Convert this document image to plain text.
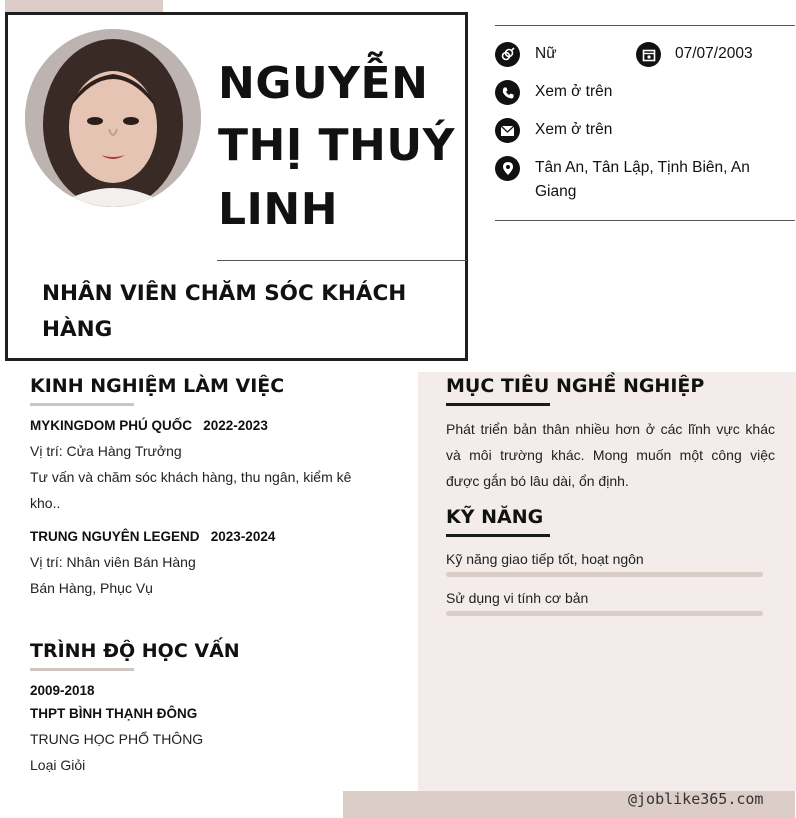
NGUYỄN
THỊ THUÝ
LINH
NHÂN VIÊN CHĂM SÓC KHÁCH HÀNG
Nữ	07/07/2003
Xem ở trên
Xem ở trên
Tân An, Tân Lập, Tịnh Biên, An Giang
KINH NGHIỆM LÀM VIỆC
MYKINGDOM PHÚ QUỐC 2022-2023
Vị trí: Cửa Hàng Trưởng
Tư vấn và chăm sóc khách hàng, thu ngân, kiểm kê
kho..
TRUNG NGUYÊN LEGEND 2023-2024
Vị trí: Nhân viên Bán Hàng
Bán Hàng, Phục Vụ
TRÌNH ĐỘ HỌC VẤN
2009-2018
THPT BÌNH THẠNH ĐÔNG
TRUNG HỌC PHỔ THÔNG
Loại Giỏi
MỤC TIÊU NGHỀ NGHIỆP
Phát triển bản thân nhiều hơn ở các lĩnh vực khác và môi trường khác. Mong muốn một công việc được gắn bó lâu dài, ổn định.
KỸ NĂNG
Kỹ năng giao tiếp tốt, hoạt ngôn
Sử dụng vi tính cơ bản
@joblike365.com
